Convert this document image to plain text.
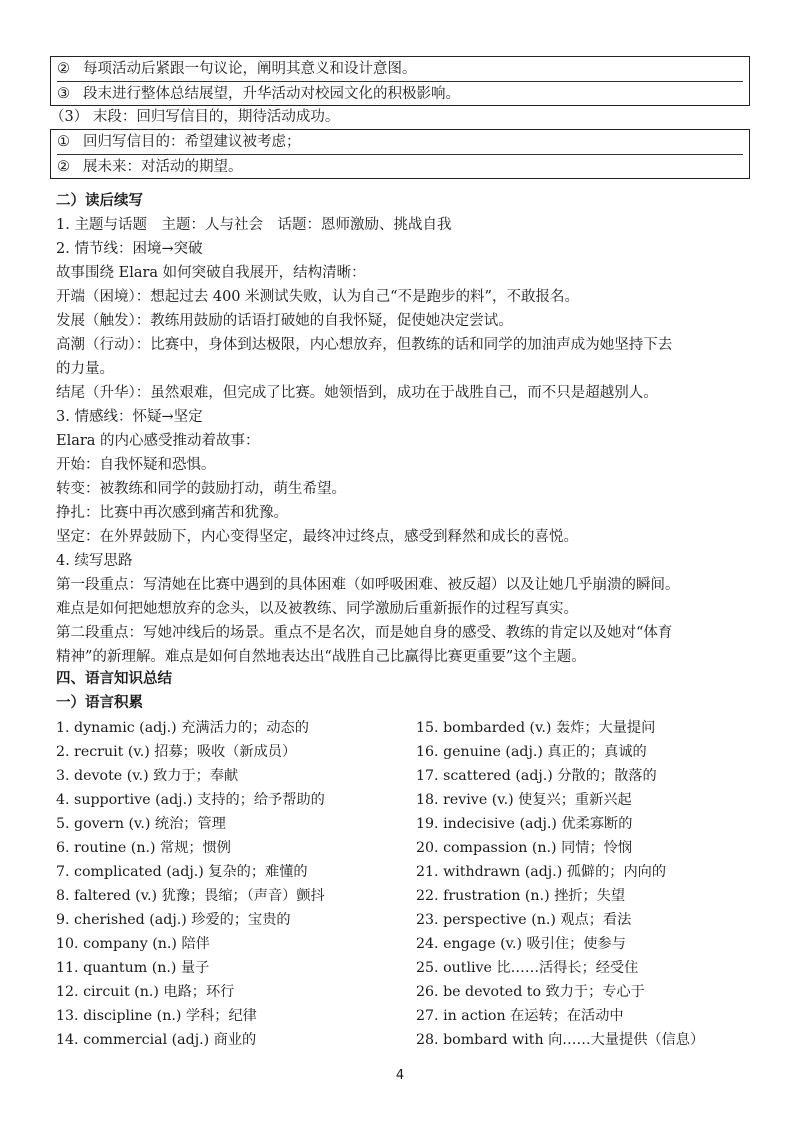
② 每项活动后紧跟一句议论，阐明其意义和设计意图。
③ 段末进行整体总结展望，升华活动对校园文化的积极影响。
（3） 末段：回归写信目的，期待活动成功。
① 回归写信目的：希望建议被考虑；
② 展未来：对活动的期望。
二）读后续写
1. 主题与话题　主题：人与社会　话题：恩师激励、挑战自我
2. 情节线：困境→突破
故事围绕 Elara 如何突破自我展开，结构清晰：
开端（困境）：想起过去 400 米测试失败，认为自己“不是跑步的料”，不敢报名。
发展（触发）：教练用鼓励的话语打破她的自我怀疑，促使她决定尝试。
高潮（行动）：比赛中，身体到达极限，内心想放弃，但教练的话和同学的加油声成为她坚持下去
的力量。
结尾（升华）：虽然艰难，但完成了比赛。她领悟到，成功在于战胜自己，而不只是超越别人。
3. 情感线：怀疑→坚定
Elara 的内心感受推动着故事：
开始：自我怀疑和恐惧。
转变：被教练和同学的鼓励打动，萌生希望。
挣扎：比赛中再次感到痛苦和犹豫。
坚定：在外界鼓励下，内心变得坚定，最终冲过终点，感受到释然和成长的喜悦。
4. 续写思路
第一段重点：写清她在比赛中遇到的具体困难（如呼吸困难、被反超）以及让她几乎崩溃的瞬间。
难点是如何把她想放弃的念头，以及被教练、同学激励后重新振作的过程写真实。
第二段重点：写她冲线后的场景。重点不是名次，而是她自身的感受、教练的肯定以及她对“体育
精神”的新理解。难点是如何自然地表达出“战胜自己比赢得比赛更重要”这个主题。
四、语言知识总结
一）语言积累
1. dynamic (adj.) 充满活力的；动态的
2. recruit (v.) 招募；吸收（新成员）
3. devote (v.) 致力于；奉献
4. supportive (adj.) 支持的；给予帮助的
5. govern (v.) 统治；管理
6. routine (n.) 常规；惯例
7. complicated (adj.) 复杂的；难懂的
8. faltered (v.) 犹豫；畏缩；（声音）颤抖
9. cherished (adj.) 珍爱的；宝贵的
10. company (n.) 陪伴
11. quantum (n.) 量子
12. circuit (n.) 电路；环行
13. discipline (n.) 学科；纪律
14. commercial (adj.) 商业的
15. bombarded (v.) 轰炸；大量提问
16. genuine (adj.) 真正的；真诚的
17. scattered (adj.) 分散的；散落的
18. revive (v.) 使复兴；重新兴起
19. indecisive (adj.) 优柔寡断的
20. compassion (n.) 同情；怜悯
21. withdrawn (adj.) 孤僻的；内向的
22. frustration (n.) 挫折；失望
23. perspective (n.) 观点；看法
24. engage (v.) 吸引住；使参与
25. outlive 比……活得长；经受住
26. be devoted to 致力于；专心于
27. in action 在运转；在活动中
28. bombard with 向……大量提供（信息）
4
